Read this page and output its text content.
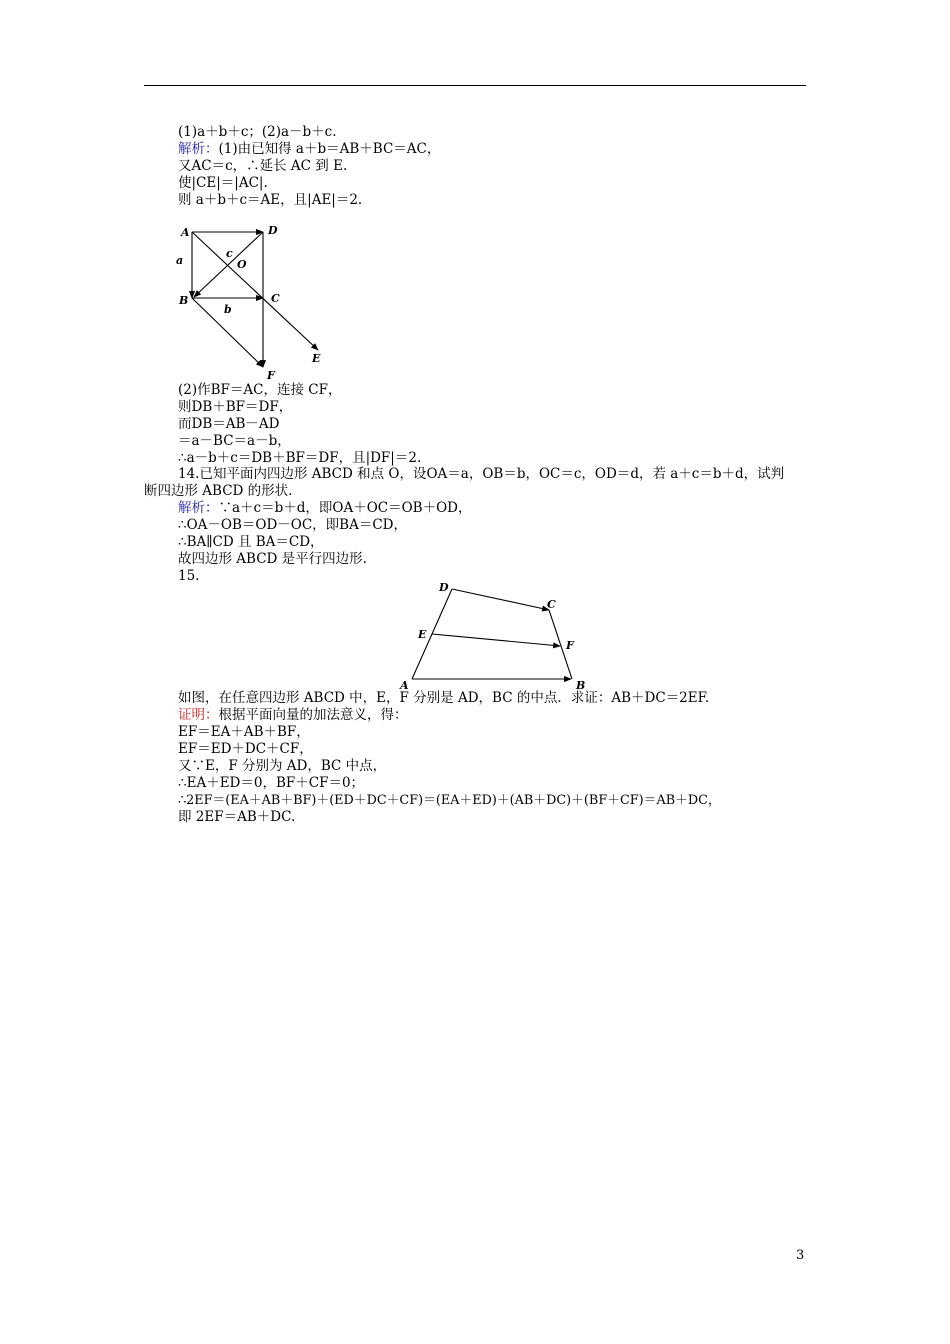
(1)a＋b＋c；(2)a－b＋c.
解析：(1)由已知得 a＋b＝AB＋BC＝AC，
又AC＝c，∴延长 AC 到 E.
使|CE|＝|AC|.
则 a＋b＋c＝AE，且|AE|＝2.
A	D
B	C
O
E
F
a
b
c
(2)作BF＝AC，连接 CF，
则DB＋BF＝DF，
而DB＝AB－AD
＝a－BC＝a－b，
∴a－b＋c＝DB＋BF＝DF，且|DF|＝2.
14.已知平面内四边形 ABCD 和点 O，设OA＝a，OB＝b，OC＝c，OD＝d，若 a＋c＝b＋d，试判
断四边形 ABCD 的形状.
解析：∵a＋c＝b＋d，即OA＋OC＝OB＋OD，
∴OA－OB＝OD－OC，即BA＝CD，
∴BA∥CD 且 BA＝CD，
故四边形 ABCD 是平行四边形.
15.
D
C
E
F
A	B
如图，在任意四边形 ABCD 中，E，F 分别是 AD，BC 的中点．求证：AB＋DC＝2EF.
证明：根据平面向量的加法意义，得：
EF＝EA＋AB＋BF，
EF＝ED＋DC＋CF，
又∵E，F 分别为 AD，BC 中点，
∴EA＋ED＝0，BF＋CF＝0；
∴2EF＝(EA＋AB＋BF)＋(ED＋DC＋CF)＝(EA＋ED)＋(AB＋DC)＋(BF＋CF)＝AB＋DC，
即 2EF＝AB＋DC.
3
